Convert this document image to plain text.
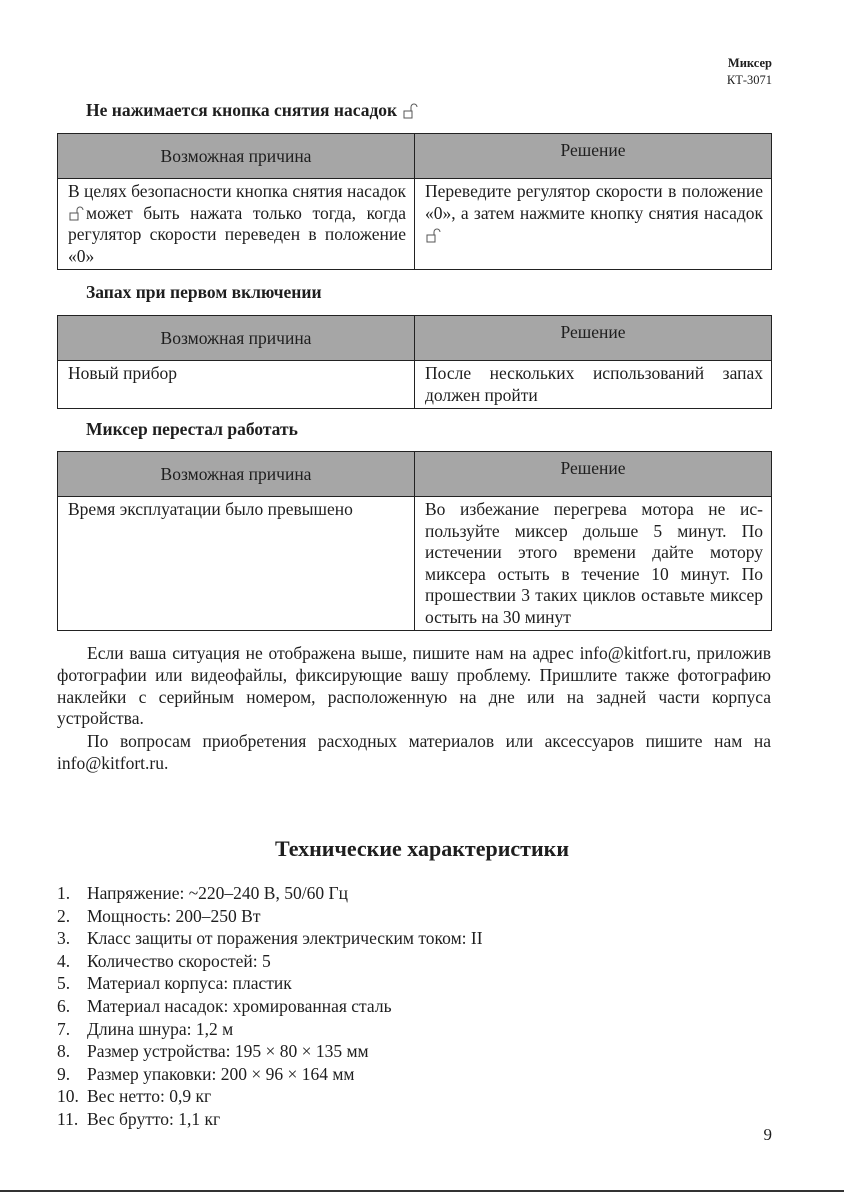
Миксер
КТ-3071
Не нажимается кнопка снятия насадок
Возможная причина	Решение
В целях безопасности кнопка снятия насадокможет быть нажата только тогда, когда регулятор скорости переведен в положение «0»	Переведите регулятор скорости в положение «0», а затем нажмите кнопку снятия насадок
Запах при первом включении
Возможная причина	Решение
Новый прибор	После нескольких использований запах должен пройти
Миксер перестал работать
Возможная причина	Решение
Время эксплуатации было превышено	Во избежание перегрева мотора не используйте миксер дольше 5 минут. По истечении этого времени дайте мотору миксера остыть в течение 10 минут. По прошествии 3 таких циклов оставьте миксер остыть на 30 минут

Если ваша ситуация не отображена выше, пишите нам на адрес info@kitfort.ru, приложив фотографии или видеофайлы, фиксирующие вашу проблему. Пришлите также фотографию наклейки с серийным номером, расположенную на дне или на задней части корпуса устройства.

По вопросам приобретения расходных материалов или аксессуаров пишите нам на info@kitfort.ru.

Технические характеристики
1. Напряжение: ~220–240 В, 50/60 Гц
2. Мощность: 200–250 Вт
3. Класс защиты от поражения электрическим током: II
4. Количество скоростей: 5
5. Материал корпуса: пластик
6. Материал насадок: хромированная сталь
7. Длина шнура: 1,2 м
8. Размер устройства: 195 × 80 × 135 мм
9. Размер упаковки: 200 × 96 × 164 мм
10. Вес нетто: 0,9 кг
11. Вес брутто: 1,1 кг
9
